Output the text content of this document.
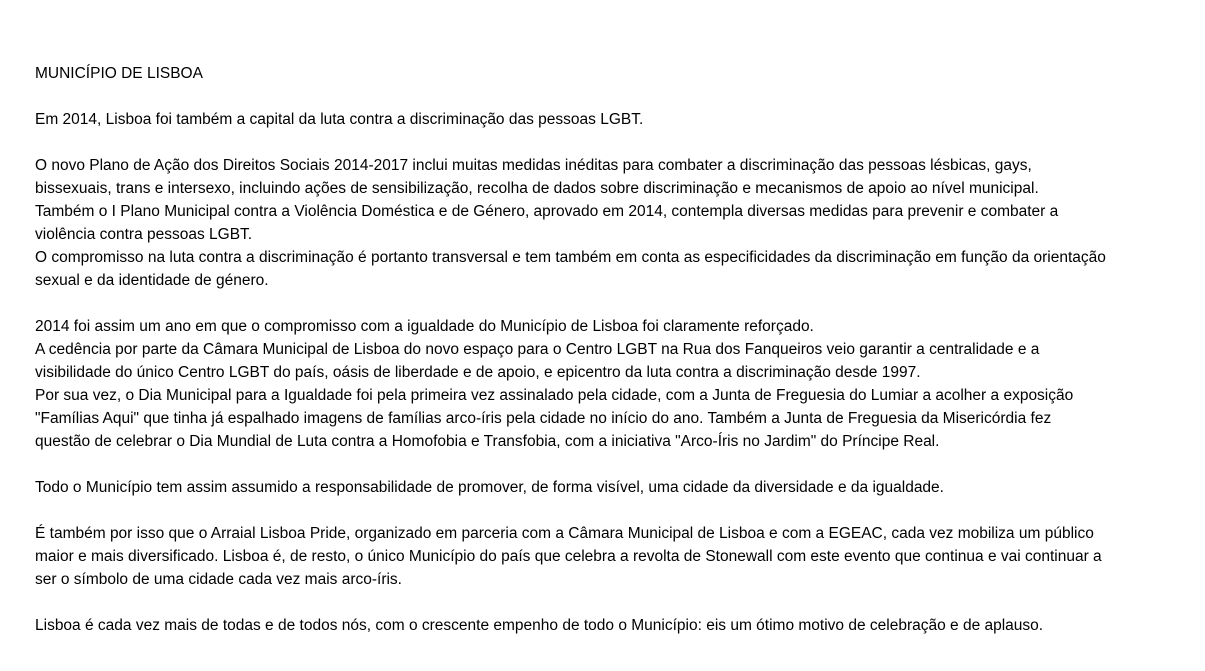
MUNICÍPIO DE LISBOA

Em 2014, Lisboa foi também a capital da luta contra a discriminação das pessoas LGBT.

O novo Plano de Ação dos Direitos Sociais 2014-2017 inclui muitas medidas inéditas para combater a discriminação das pessoas lésbicas, gays,
bissexuais, trans e intersexo, incluindo ações de sensibilização, recolha de dados sobre discriminação e mecanismos de apoio ao nível municipal.
Também o I Plano Municipal contra a Violência Doméstica e de Género, aprovado em 2014, contempla diversas medidas para prevenir e combater a
violência contra pessoas LGBT.
O compromisso na luta contra a discriminação é portanto transversal e tem também em conta as especificidades da discriminação em função da orientação
sexual e da identidade de género.

2014 foi assim um ano em que o compromisso com a igualdade do Município de Lisboa foi claramente reforçado.
A cedência por parte da Câmara Municipal de Lisboa do novo espaço para o Centro LGBT na Rua dos Fanqueiros veio garantir a centralidade e a
visibilidade do único Centro LGBT do país, oásis de liberdade e de apoio, e epicentro da luta contra a discriminação desde 1997.
Por sua vez, o Dia Municipal para a Igualdade foi pela primeira vez assinalado pela cidade, com a Junta de Freguesia do Lumiar a acolher a exposição
"Famílias Aqui" que tinha já espalhado imagens de famílias arco-íris pela cidade no início do ano. Também a Junta de Freguesia da Misericórdia fez
questão de celebrar o Dia Mundial de Luta contra a Homofobia e Transfobia, com a iniciativa "Arco-Íris no Jardim" do Príncipe Real.

Todo o Município tem assim assumido a responsabilidade de promover, de forma visível, uma cidade da diversidade e da igualdade.

É também por isso que o Arraial Lisboa Pride, organizado em parceria com a Câmara Municipal de Lisboa e com a EGEAC, cada vez mobiliza um público
maior e mais diversificado. Lisboa é, de resto, o único Município do país que celebra a revolta de Stonewall com este evento que continua e vai continuar a
ser o símbolo de uma cidade cada vez mais arco-íris.

Lisboa é cada vez mais de todas e de todos nós, com o crescente empenho de todo o Município: eis um ótimo motivo de celebração e de aplauso.
